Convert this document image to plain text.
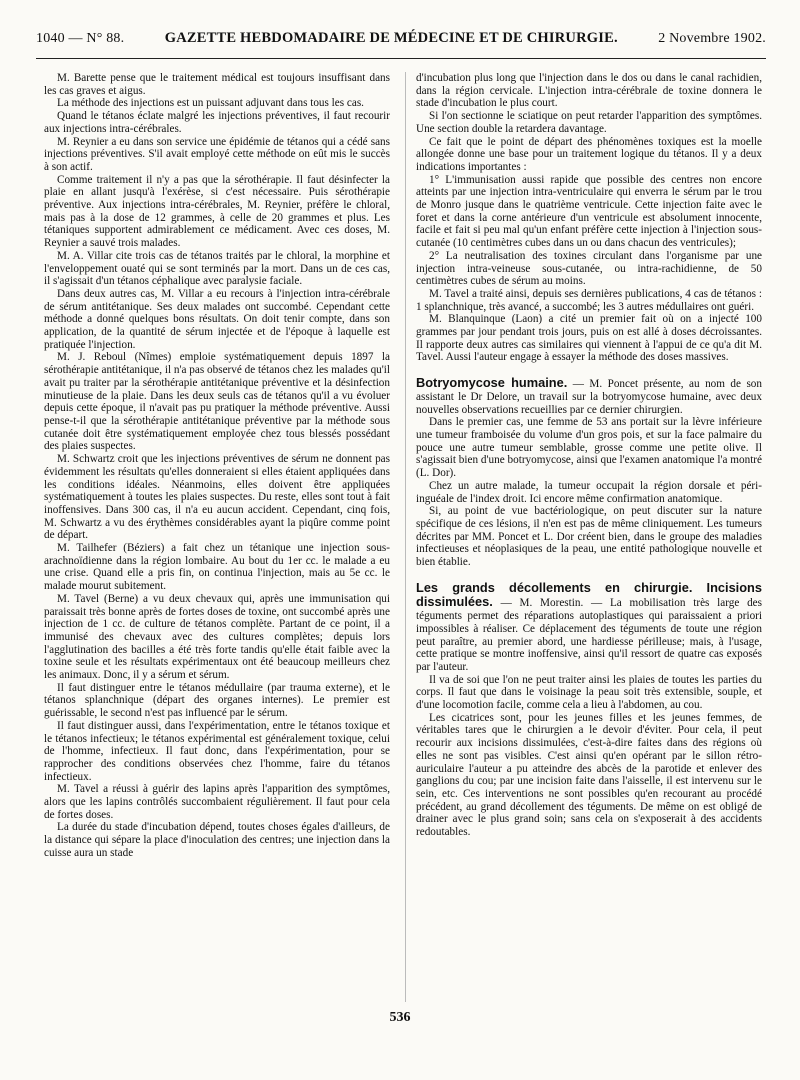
1040 — N° 88.	GAZETTE HEBDOMADAIRE DE MÉDECINE ET DE CHIRURGIE.	2 Novembre 1902.

M. Barette pense que le traitement médical est toujours insuffisant dans les cas graves et aigus.

La méthode des injections est un puissant adjuvant dans tous les cas.

Quand le tétanos éclate malgré les injections préventives, il faut recourir aux injections intra-cérébrales.

M. Reynier a eu dans son service une épidémie de tétanos qui a cédé sans injections préventives. S'il avait employé cette méthode on eût mis le succès à son actif.

Comme traitement il n'y a pas que la sérothérapie. Il faut désinfecter la plaie en allant jusqu'à l'exérèse, si c'est nécessaire. Puis sérothérapie préventive. Aux injections intra-cérébrales, M. Reynier, préfère le chloral, mais pas à la dose de 12 grammes, à celle de 20 grammes et plus. Les tétaniques supportent admirablement ce médicament. Avec ces doses, M. Reynier a sauvé trois malades.

M. A. Villar cite trois cas de tétanos traités par le chloral, la morphine et l'enveloppement ouaté qui se sont terminés par la mort. Dans un de ces cas, il s'agissait d'un tétanos céphalique avec paralysie faciale.

Dans deux autres cas, M. Villar a eu recours à l'injection intra-cérébrale de sérum antitétanique. Ses deux malades ont succombé. Cependant cette méthode a donné quelques bons résultats. On doit tenir compte, dans son application, de la quantité de sérum injectée et de l'époque à laquelle est pratiquée l'injection.

M. J. Reboul (Nîmes) emploie systématiquement depuis 1897 la sérothérapie antitétanique, il n'a pas observé de tétanos chez les malades qu'il avait pu traiter par la sérothérapie antitétanique préventive et la désinfection minutieuse de la plaie. Dans les deux seuls cas de tétanos qu'il a vu évoluer depuis cette époque, il n'avait pas pu pratiquer la méthode préventive. Aussi pense-t-il que la sérothérapie antitétanique préventive par la méthode sous cutanée doit être systématiquement employée chez tous blessés possédant des plaies suspectes.

M. Schwartz croit que les injections préventives de sérum ne donnent pas évidemment les résultats qu'elles donneraient si elles étaient appliquées dans les conditions idéales. Néanmoins, elles doivent être appliquées systématiquement à toutes les plaies suspectes. Du reste, elles sont tout à fait inoffensives. Dans 300 cas, il n'a eu aucun accident. Cependant, cinq fois, M. Schwartz a vu des érythèmes considérables ayant la piqûre comme point de départ.

M. Tailhefer (Béziers) a fait chez un tétanique une injection sous-arachnoïdienne dans la région lombaire. Au bout du 1er cc. le malade a eu une crise. Quand elle a pris fin, on continua l'injection, mais au 5e cc. le malade mourut subitement.

M. Tavel (Berne) a vu deux chevaux qui, après une immunisation qui paraissait très bonne après de fortes doses de toxine, ont succombé après une injection de 1 cc. de culture de tétanos complète. Partant de ce point, il a immunisé des chevaux avec des cultures complètes; depuis lors l'agglutination des bacilles a été très forte tandis qu'elle était faible avec la toxine seule et les résultats expérimentaux ont été beaucoup meilleurs chez les animaux. Donc, il y a sérum et sérum.

Il faut distinguer entre le tétanos médullaire (par trauma externe), et le tétanos splanchnique (départ des organes internes). Le premier est guérissable, le second n'est pas influencé par le sérum.

Il faut distinguer aussi, dans l'expérimentation, entre le tétanos toxique et le tétanos infectieux; le tétanos expérimental est généralement toxique, celui de l'homme, infectieux. Il faut donc, dans l'expérimentation, pour se rapprocher des conditions observées chez l'homme, faire du tétanos infectieux.

M. Tavel a réussi à guérir des lapins après l'apparition des symptômes, alors que les lapins contrôlés succombaient régulièrement. Il faut pour cela de fortes doses.

La durée du stade d'incubation dépend, toutes choses égales d'ailleurs, de la distance qui sépare la place d'inoculation des centres; une injection dans la cuisse aura un stade

d'incubation plus long que l'injection dans le dos ou dans le canal rachidien, dans la région cervicale. L'injection intra-cérébrale de toxine donnera le stade d'incubation le plus court.

Si l'on sectionne le sciatique on peut retarder l'apparition des symptômes. Une section double la retardera davantage.

Ce fait que le point de départ des phénomènes toxiques est la moelle allongée donne une base pour un traitement logique du tétanos. Il y a deux indications importantes :

1° L'immunisation aussi rapide que possible des centres non encore atteints par une injection intra-ventriculaire qui enverra le sérum par le trou de Monro jusque dans le quatrième ventricule. Cette injection faite avec le foret et dans la corne antérieure d'un ventricule est absolument innocente, facile et fait si peu mal qu'un enfant préfère cette injection à l'injection sous-cutanée (10 centimètres cubes dans un ou dans chacun des ventricules);

2° La neutralisation des toxines circulant dans l'organisme par une injection intra-veineuse sous-cutanée, ou intra-rachidienne, de 50 centimètres cubes de sérum au moins.

M. Tavel a traité ainsi, depuis ses dernières publications, 4 cas de tétanos : 1 splanchnique, très avancé, a succombé; les 3 autres médullaires ont guéri.

M. Blanquinque (Laon) a cité un premier fait où on a injecté 100 grammes par jour pendant trois jours, puis on est allé à doses décroissantes. Il rapporte deux autres cas similaires qui viennent à l'appui de ce qu'a dit M. Tavel. Aussi l'auteur engage à essayer la méthode des doses massives.

Botryomycose humaine. — M. Poncet présente, au nom de son assistant le Dr Delore, un travail sur la botryomycose humaine, avec deux nouvelles observations recueillies par ce dernier chirurgien.

Dans le premier cas, une femme de 53 ans portait sur la lèvre inférieure une tumeur framboisée du volume d'un gros pois, et sur la face palmaire du pouce une autre tumeur semblable, grosse comme une petite olive. Il s'agissait bien d'une botryomycose, ainsi que l'examen anatomique l'a montré (L. Dor).

Chez un autre malade, la tumeur occupait la région dorsale et péri-inguéale de l'index droit. Ici encore même confirmation anatomique.

Si, au point de vue bactériologique, on peut discuter sur la nature spécifique de ces lésions, il n'en est pas de même cliniquement. Les tumeurs décrites par MM. Poncet et L. Dor créent bien, dans le groupe des maladies infectieuses et néoplasiques de la peau, une entité pathologique nouvelle et bien établie.

Les grands décollements en chirurgie. Incisions dissimulées. — M. Morestin. — La mobilisation très large des téguments permet des réparations autoplastiques qui paraissaient a priori impossibles à réaliser. Ce déplacement des téguments de toute une région peut paraître, au premier abord, une hardiesse périlleuse; mais, à l'usage, cette pratique se montre inoffensive, ainsi qu'il ressort de quatre cas exposés par l'auteur.

Il va de soi que l'on ne peut traiter ainsi les plaies de toutes les parties du corps. Il faut que dans le voisinage la peau soit très extensible, souple, et d'une locomotion facile, comme cela a lieu à l'abdomen, au cou.

Les cicatrices sont, pour les jeunes filles et les jeunes femmes, de véritables tares que le chirurgien a le devoir d'éviter. Pour cela, il peut recourir aux incisions dissimulées, c'est-à-dire faites dans des régions où elles ne sont pas visibles. C'est ainsi qu'en opérant par le sillon rétro-auriculaire l'auteur a pu atteindre des abcès de la parotide et enlever des ganglions du cou; par une incision faite dans l'aisselle, il est intervenu sur le sein, etc. Ces interventions ne sont possibles qu'en recourant au procédé précédent, au grand décollement des téguments. De même on est obligé de drainer avec le plus grand soin; sans cela on s'exposerait à des accidents redoutables.

536
